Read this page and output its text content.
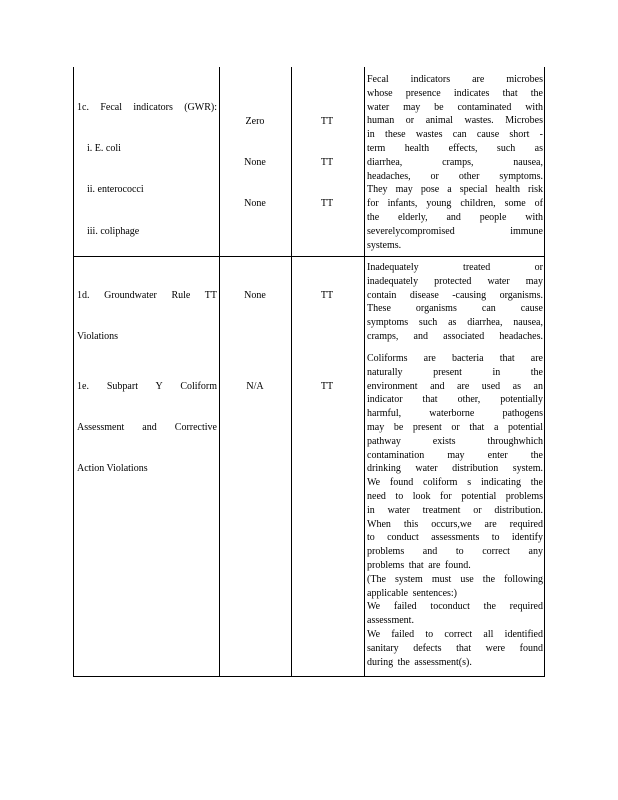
1c. Fecal indicators (GWR):

i. E. coli

ii. enterococci

iii. coliphage

Zero

None

None

TT

TT

TT

Fecal indicators are microbes
whose presence indicates that the
water may be contaminated with
human or animal wastes. Microbes
in these wastes can cause short -
term health effects, such as
diarrhea, cramps, nausea,
headaches, or other symptoms.
They may pose a special health risk
for infants, young children, some of
the elderly, and people with
severelycompromised immune
systems.

1d. Groundwater Rule TT

Violations

None

	TT

Inadequately treated or
inadequately protected water may
contain disease -causing organisms.
These organisms can cause
symptoms such as diarrhea, nausea,
cramps, and associated headaches.

1e. Subpart Y Coliform

Assessment and Corrective

Action Violations

N/A

	TT

Coliforms are bacteria that are
naturally present in the
environment and are used as an
indicator that other, potentially
harmful, waterborne pathogens
may be present or that a potential
pathway exists throughwhich
contamination may enter the
drinking water distribution system.
We found coliform s indicating the
need to look for potential problems
in water treatment or distribution.
When this occurs,we are required
to conduct assessments to identify
problems and to correct any
problems that are found.
(The system must use the following
applicable sentences:)
We failed toconduct the required
assessment.
We failed to correct all identified
sanitary defects that were found
during the assessment(s).
